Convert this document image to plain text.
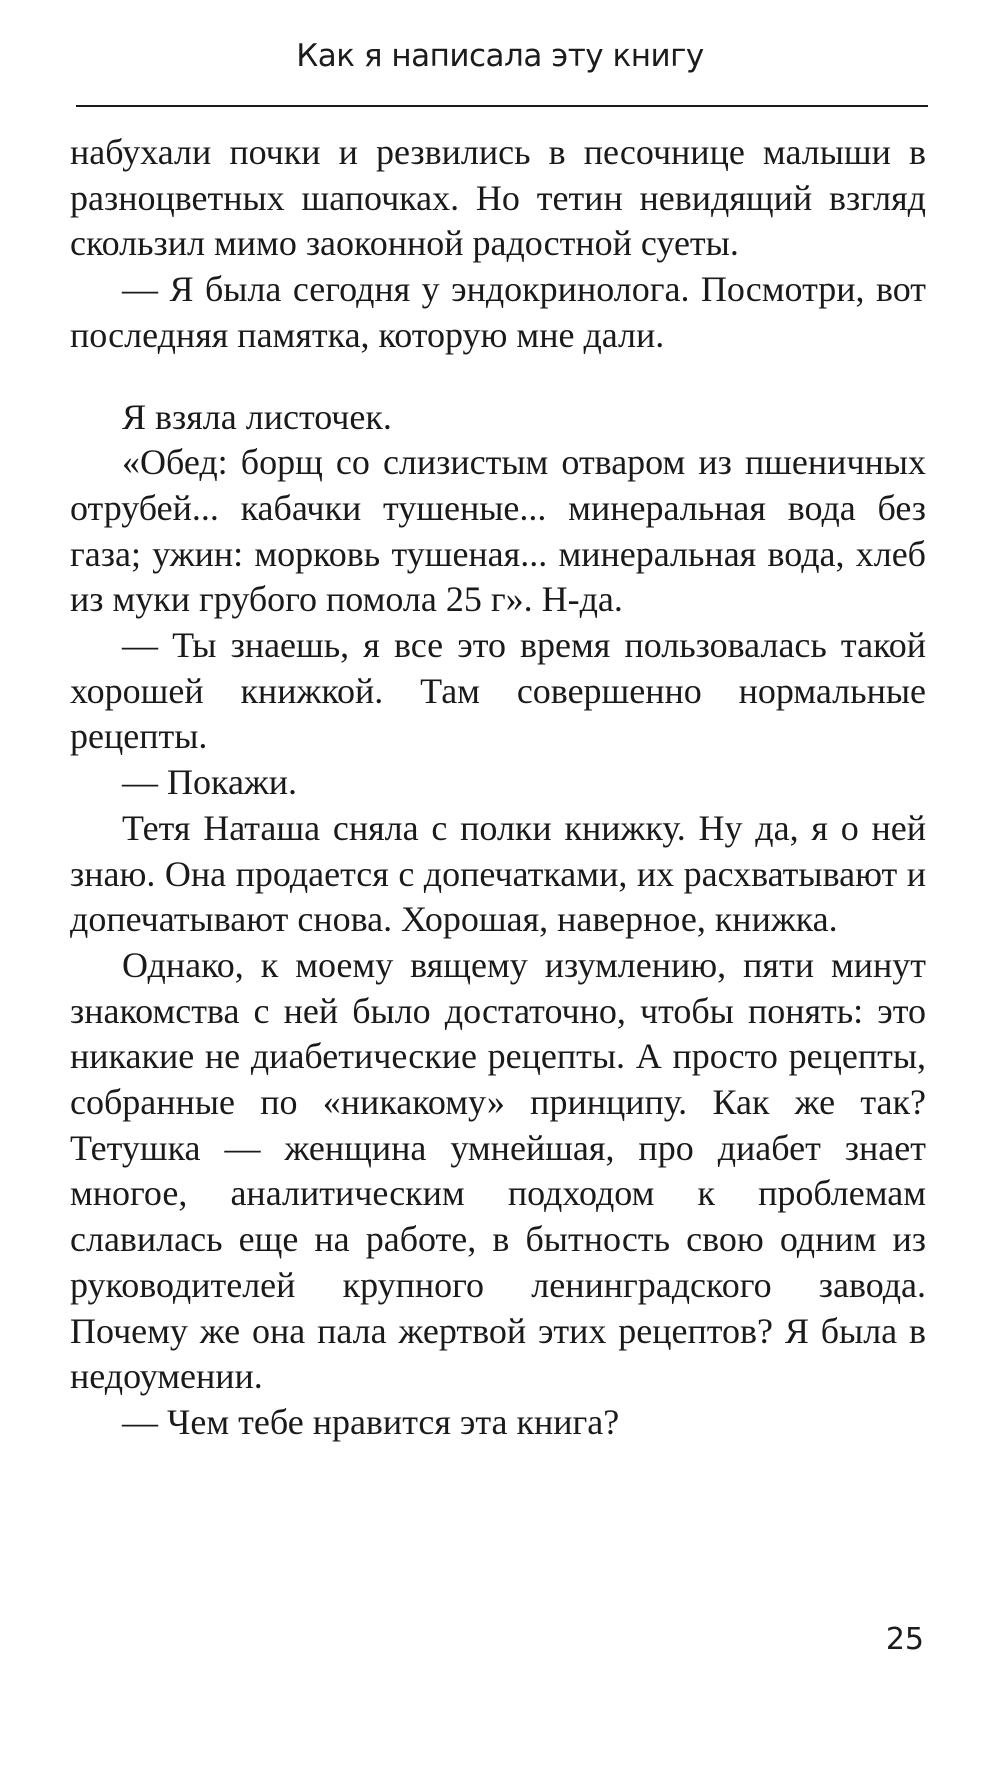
Как я написала эту книгу

набухали почки и резвились в песочнице малыши в разноцветных шапочках. Но тетин невидящий взгляд скользил мимо заоконной радостной суеты.

— Я была сегодня у эндокринолога. Посмотри, вот последняя памятка, которую мне дали.

Я взяла листочек.

«Обед: борщ со слизистым отваром из пшеничных отрубей... кабачки тушеные... минеральная вода без газа; ужин: морковь тушеная... минеральная вода, хлеб из муки грубого помола 25 г». Н-да.

— Ты знаешь, я все это время пользовалась такой хорошей книжкой. Там совершенно нормальные рецепты.

— Покажи.

Тетя Наташа сняла с полки книжку. Ну да, я о ней знаю. Она продается с допечатками, их расхватывают и допечатывают снова. Хорошая, наверное, книжка.

Однако, к моему вящему изумлению, пяти минут знакомства с ней было достаточно, чтобы понять: это никакие не диабетические рецепты. А просто рецепты, собранные по «никакому» принципу. Как же так? Тетушка — женщина умнейшая, про диабет знает многое, аналитическим подходом к проблемам славилась еще на работе, в бытность свою одним из руководителей крупного ленинградского завода. Почему же она пала жертвой этих рецептов? Я была в недоумении.

— Чем тебе нравится эта книга?

25
